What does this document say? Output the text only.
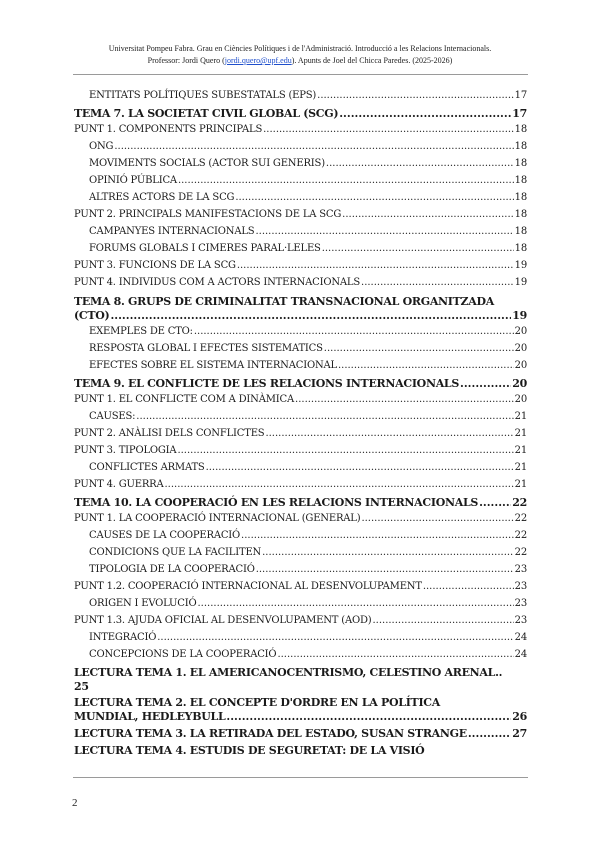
Universitat Pompeu Fabra. Grau en Ciències Polítiques i de l'Administració. Introducció a les Relacions Internacionals.
Professor: Jordi Quero (jordi.quero@upf.edu). Apunts de Joel del Chicca Paredes. (2025-2026)
ENTITATS POLÍTIQUES SUBESTATALS (EPS) .....	17
TEMA 7. LA SOCIETAT CIVIL GLOBAL (SCG) .....	17
PUNT 1. COMPONENTS PRINCIPALS .....	18
ONG .....	18
MOVIMENTS SOCIALS (ACTOR SUI GENERIS) .....	18
OPINIÓ PÚBLICA .....	18
ALTRES ACTORS DE LA SCG .....	18
PUNT 2. PRINCIPALS MANIFESTACIONS DE LA SCG .....	18
CAMPANYES INTERNACIONALS .....	18
FORUMS GLOBALS I CIMERES PARAL·LELES .....	18
PUNT 3. FUNCIONS DE LA SCG .....	19
PUNT 4. INDIVIDUS COM A ACTORS INTERNACIONALS .....	19
TEMA 8. GRUPS DE CRIMINALITAT TRANSNACIONAL ORGANITZADA
(CTO) .....	19
EXEMPLES DE CTO: .....	20
RESPOSTA GLOBAL I EFECTES SISTEMATICS .....	20
EFECTES SOBRE EL SISTEMA INTERNACIONAL .....	20
TEMA 9. EL CONFLICTE DE LES RELACIONS INTERNACIONALS .....	20
PUNT 1. EL CONFLICTE COM A DINÀMICA .....	20
CAUSES: .....	21
PUNT 2. ANÀLISI DELS CONFLICTES .....	21
PUNT 3. TIPOLOGIA .....	21
CONFLICTES ARMATS .....	21
PUNT 4. GUERRA .....	21
TEMA 10. LA COOPERACIÓ EN LES RELACIONS INTERNACIONALS .....	22
PUNT 1. LA COOPERACIÓ INTERNACIONAL (GENERAL) .....	22
CAUSES DE LA COOPERACIÓ .....	22
CONDICIONS QUE LA FACILITEN .....	22
TIPOLOGIA DE LA COOPERACIÓ .....	23
PUNT 1.2. COOPERACIÓ INTERNACIONAL AL DESENVOLUPAMENT .....	23
ORIGEN I EVOLUCIÓ .....	23
PUNT 1.3. AJUDA OFICIAL AL DESENVOLUPAMENT (AOD) .....	23
INTEGRACIÓ .....	24
CONCEPCIONS DE LA COOPERACIÓ .....	24
LECTURA TEMA 1. EL AMERICANOCENTRISMO, CELESTINO ARENAL..
25
LECTURA TEMA 2. EL CONCEPTE D'ORDRE EN LA POLÍTICA
MUNDIAL, HEDLEYBULL .....	26
LECTURA TEMA 3. LA RETIRADA DEL ESTADO, SUSAN STRANGE .....	27
LECTURA TEMA 4. ESTUDIS DE SEGURETAT: DE LA VISIÓ
2
